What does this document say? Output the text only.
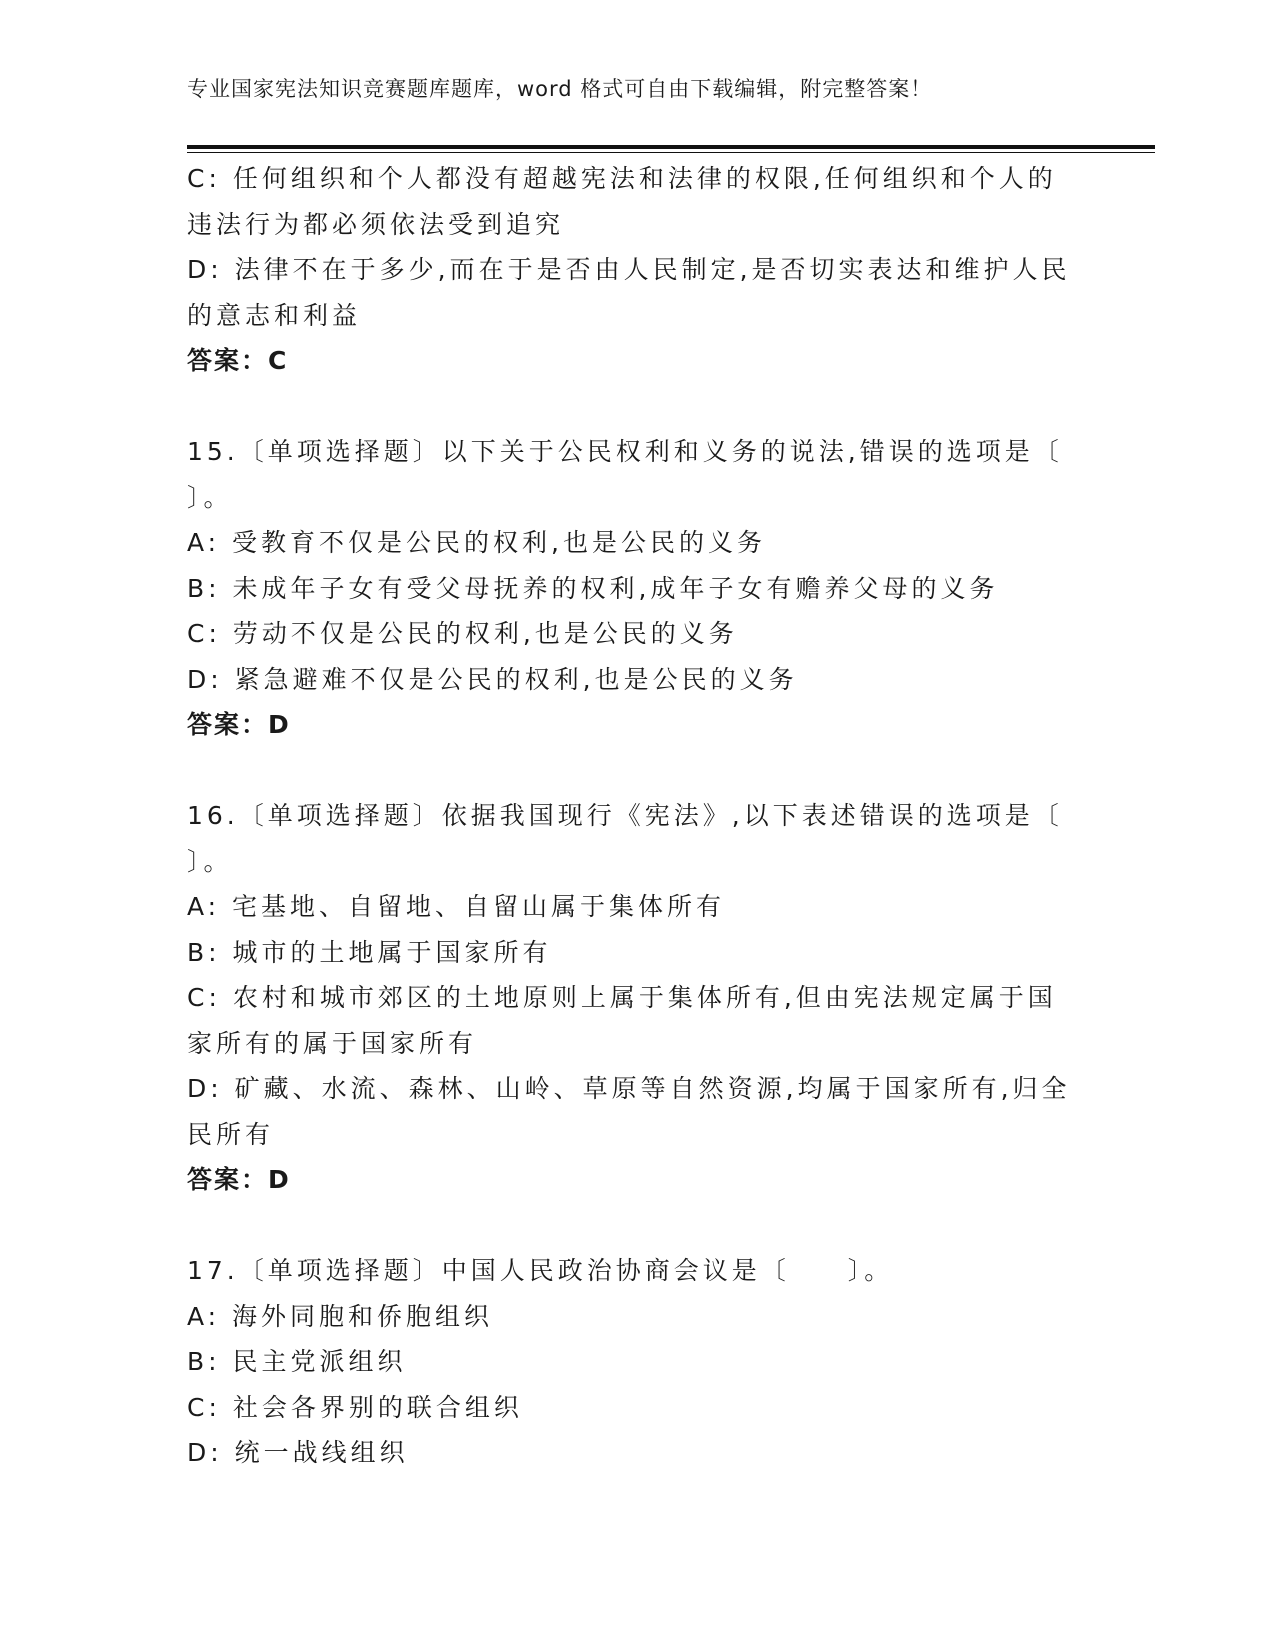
专业国家宪法知识竞赛题库题库，word 格式可自由下载编辑，附完整答案！

C: 任何组织和个人都没有超越宪法和法律的权限,任何组织和个人的

违法行为都必须依法受到追究

D: 法律不在于多少,而在于是否由人民制定,是否切实表达和维护人民

的意志和利益

答案：C

15.〔单项选择题〕以下关于公民权利和义务的说法,错误的选项是〔

〕。

A: 受教育不仅是公民的权利,也是公民的义务

B: 未成年子女有受父母抚养的权利,成年子女有赡养父母的义务

C: 劳动不仅是公民的权利,也是公民的义务

D: 紧急避难不仅是公民的权利,也是公民的义务

答案：D

16.〔单项选择题〕依据我国现行《宪法》,以下表述错误的选项是〔

〕。

A: 宅基地、自留地、自留山属于集体所有

B: 城市的土地属于国家所有

C: 农村和城市郊区的土地原则上属于集体所有,但由宪法规定属于国

家所有的属于国家所有

D: 矿藏、水流、森林、山岭、草原等自然资源,均属于国家所有,归全

民所有

答案：D

17.〔单项选择题〕中国人民政治协商会议是〔　　〕。

A: 海外同胞和侨胞组织

B: 民主党派组织

C: 社会各界别的联合组织

D: 统一战线组织
